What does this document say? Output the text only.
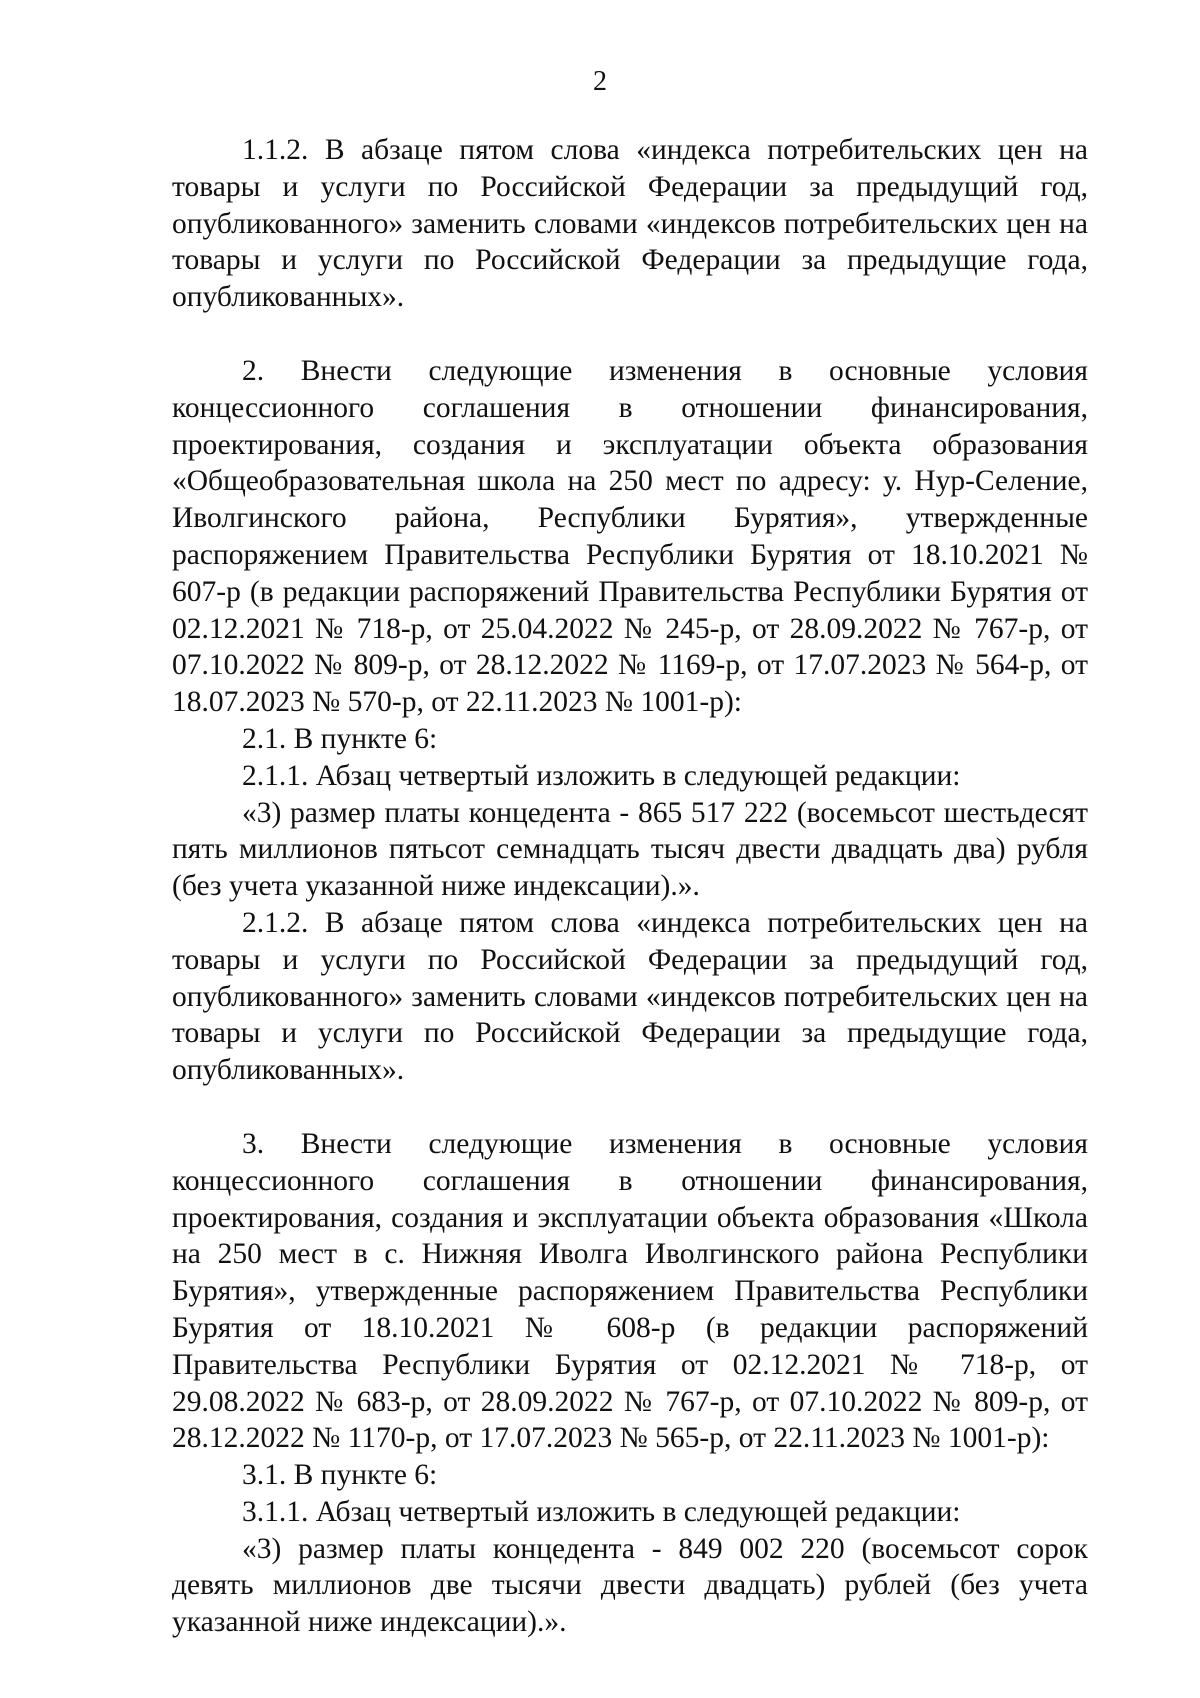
2

1.1.2. В абзаце пятом слова «индекса потребительских цен на товары и услуги по Российской Федерации за предыдущий год, опубликованного» заменить словами «индексов потребительских цен на товары и услуги по Российской Федерации за предыдущие года, опубликованных».

2. Внести следующие изменения в основные условия концессионного соглашения в отношении финансирования, проектирования, создания и эксплуатации объекта образования «Общеобразовательная школа на 250 мест по адресу: у. Нур-Селение, Иволгинского района, Республики Бурятия», утвержденные распоряжением Правительства Республики Бурятия от 18.10.2021 № 607-р (в редакции распоряжений Правительства Республики Бурятия от 02.12.2021 № 718-р, от 25.04.2022 № 245-р, от 28.09.2022 № 767-р, от 07.10.2022 № 809-р, от 28.12.2022 № 1169-р, от 17.07.2023 № 564-р, от 18.07.2023 № 570-р, от 22.11.2023 № 1001-р):

2.1. В пункте 6:

2.1.1. Абзац четвертый изложить в следующей редакции:

«3) размер платы концедента - 865 517 222 (восемьсот шестьдесят пять миллионов пятьсот семнадцать тысяч двести двадцать два) рубля (без учета указанной ниже индексации).».

2.1.2. В абзаце пятом слова «индекса потребительских цен на товары и услуги по Российской Федерации за предыдущий год, опубликованного» заменить словами «индексов потребительских цен на товары и услуги по Российской Федерации за предыдущие года, опубликованных».

3. Внести следующие изменения в основные условия концессионного соглашения в отношении финансирования, проектирования, создания и эксплуатации объекта образования «Школа на 250 мест в с. Нижняя Иволга Иволгинского района Республики Бурятия», утвержденные распоряжением Правительства Республики Бурятия от 18.10.2021 № 608-р (в редакции распоряжений Правительства Республики Бурятия от 02.12.2021 № 718-р, от 29.08.2022 № 683-р, от 28.09.2022 № 767-р, от 07.10.2022 № 809-р, от 28.12.2022 № 1170-р, от 17.07.2023 № 565-р, от 22.11.2023 № 1001-р):

3.1. В пункте 6:

3.1.1. Абзац четвертый изложить в следующей редакции:

«3) размер платы концедента - 849 002 220 (восемьсот сорок девять миллионов две тысячи двести двадцать) рублей (без учета указанной ниже индексации).».
